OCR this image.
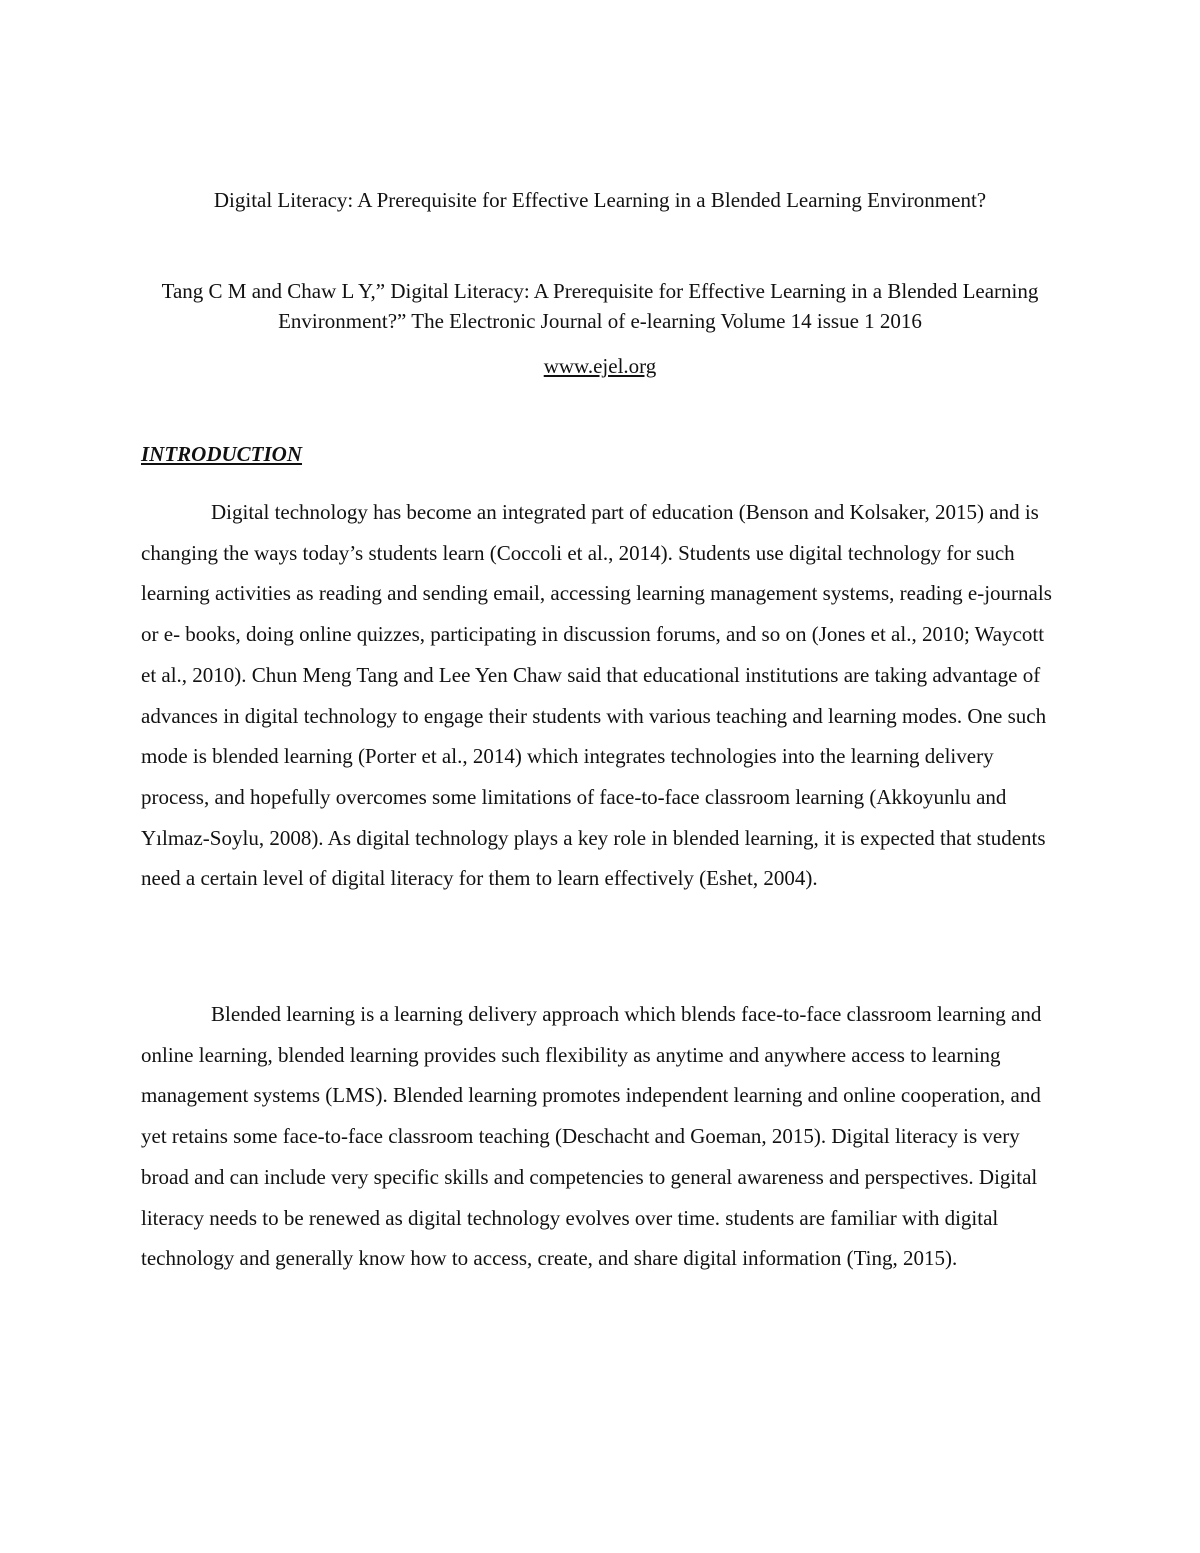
Digital Literacy: A Prerequisite for Effective Learning in a Blended Learning Environment?

Tang C M and Chaw L Y,” Digital Literacy: A Prerequisite for Effective Learning in a Blended Learning Environment?” The Electronic Journal of e-learning Volume 14 issue 1 2016

www.ejel.org

INTRODUCTION

Digital technology has become an integrated part of education (Benson and Kolsaker, 2015) and is changing the ways today’s students learn (Coccoli et al., 2014). Students use digital technology for such learning activities as reading and sending email, accessing learning management systems, reading e-journals or e- books, doing online quizzes, participating in discussion forums, and so on (Jones et al., 2010; Waycott et al., 2010). Chun Meng Tang and Lee Yen Chaw said that educational institutions are taking advantage of advances in digital technology to engage their students with various teaching and learning modes. One such mode is blended learning (Porter et al., 2014) which integrates technologies into the learning delivery process, and hopefully overcomes some limitations of face-to-face classroom learning (Akkoyunlu and Yılmaz-Soylu, 2008). As digital technology plays a key role in blended learning, it is expected that students need a certain level of digital literacy for them to learn effectively (Eshet, 2004).

Blended learning is a learning delivery approach which blends face-to-face classroom learning and online learning, blended learning provides such flexibility as anytime and anywhere access to learning management systems (LMS). Blended learning promotes independent learning and online cooperation, and yet retains some face-to-face classroom teaching (Deschacht and Goeman, 2015). Digital literacy is very broad and can include very specific skills and competencies to general awareness and perspectives. Digital literacy needs to be renewed as digital technology evolves over time. students are familiar with digital technology and generally know how to access, create, and share digital information (Ting, 2015).
